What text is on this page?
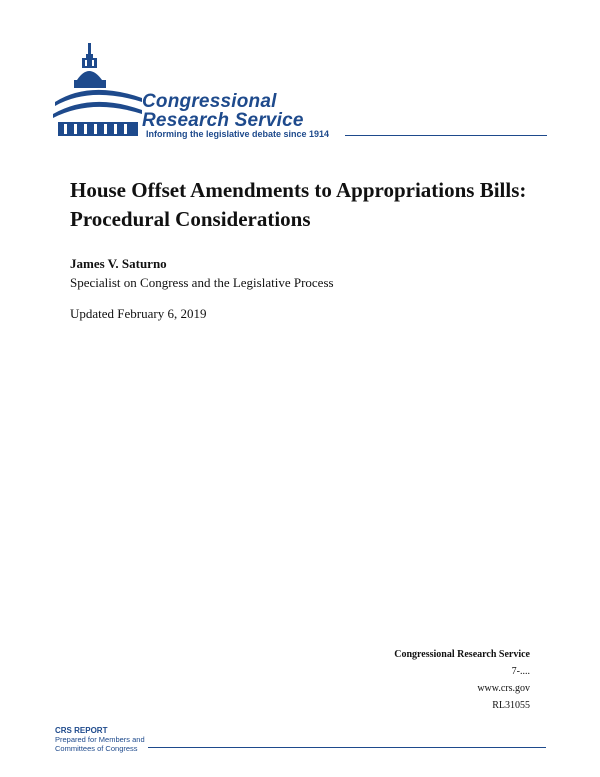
Congressional
Research Service
Informing the legislative debate since 1914
House Offset Amendments to Appropriations Bills: Procedural Considerations
James V. Saturno
Specialist on Congress and the Legislative Process
Updated February 6, 2019
Congressional Research Service
7-....
www.crs.gov
RL31055
CRS REPORT
Prepared for Members and
Committees of Congress
